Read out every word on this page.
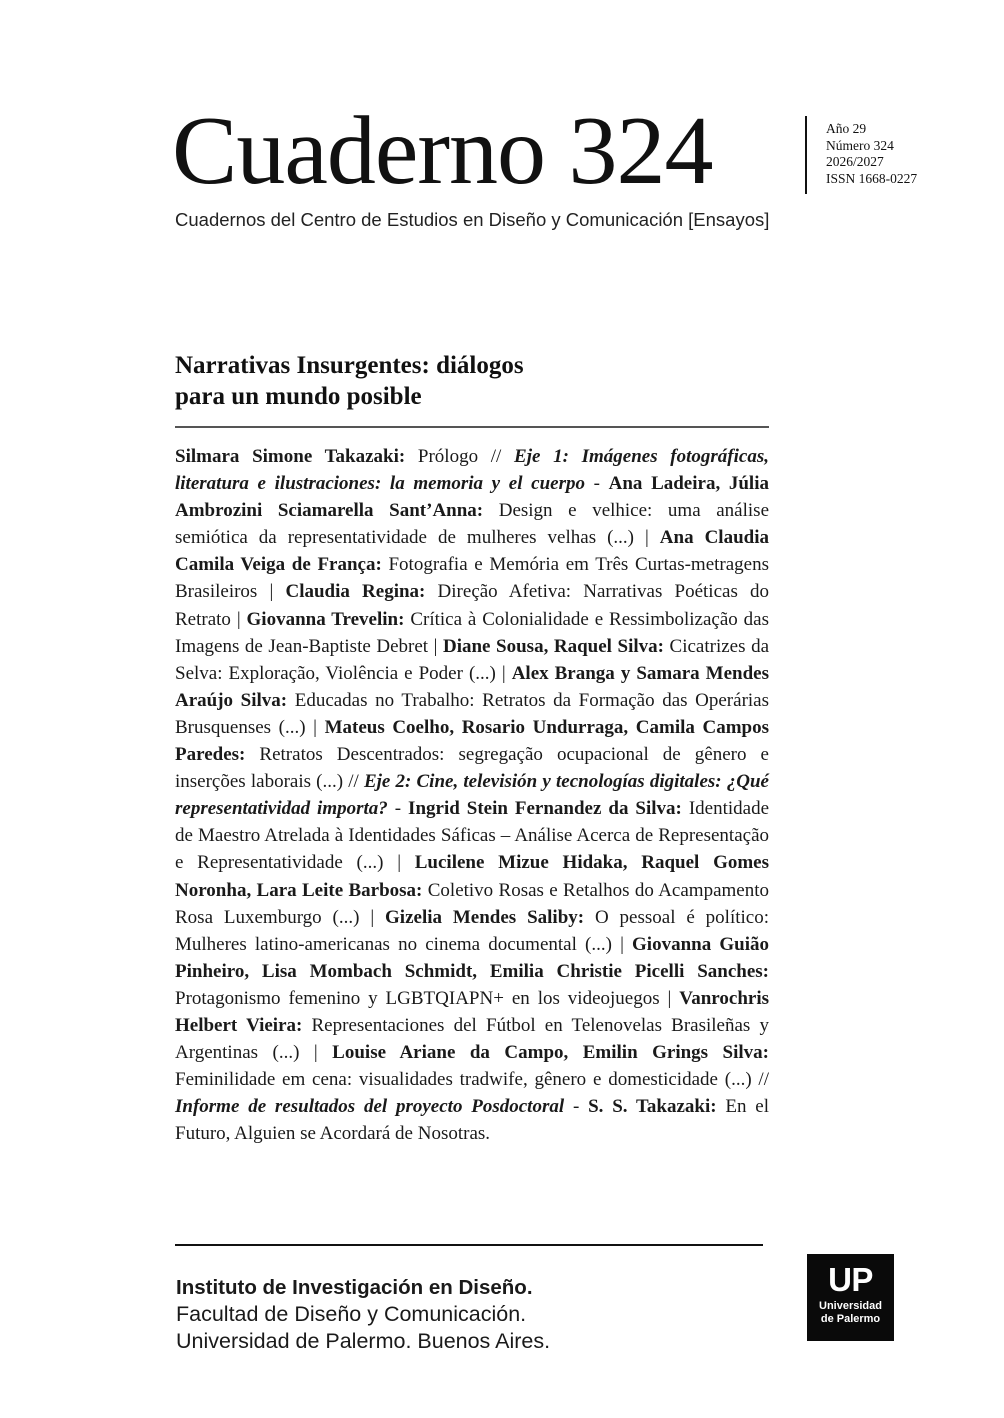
Cuaderno 324
Cuadernos del Centro de Estudios en Diseño y Comunicación [Ensayos]
Año 29
Número 324
2026/2027
ISSN 1668-0227
Narrativas Insurgentes: diálogos
para un mundo posible

Silmara Simone Takazaki: Prólogo // Eje 1: Imágenes fotográficas, literatura e ilustraciones: la memoria y el cuerpo - Ana Ladeira, Júlia Ambrozini Sciamarella Sant’Anna: Design e velhice: uma análise semiótica da representatividade de mulheres velhas (...) | Ana Claudia Camila Veiga de França: Fotografia e Memória em Três Curtas-metragens Brasileiros | Claudia Regina: Direção Afetiva: Narrativas Poéticas do Retrato | Giovanna Trevelin: Crítica à Colonialidade e Ressimbolização das Imagens de Jean-Baptiste Debret | Diane Sousa, Raquel Silva: Cicatrizes da Selva: Exploração, Violência e Poder (...) | Alex Branga y Samara Mendes Araújo Silva: Educadas no Trabalho: Retratos da Formação das Operárias Brusquenses (...) | Mateus Coelho, Rosario Undurraga, Camila Campos Paredes: Retratos Descentrados: segregação ocupacional de gênero e inserções laborais (...) // Eje 2: Cine, televisión y tecnologías digitales: ¿Qué representatividad importa? - Ingrid Stein Fernandez da Silva: Identidade de Maestro Atrelada à Identidades Sáficas – Análise Acerca de Representação e Representatividade (...) | Lucilene Mizue Hidaka, Raquel Gomes Noronha, Lara Leite Barbosa: Coletivo Rosas e Retalhos do Acampamento Rosa Luxemburgo (...) | Gizelia Mendes Saliby: O pessoal é político: Mulheres latino-americanas no cinema documental (...) | Giovanna Guião Pinheiro, Lisa Mombach Schmidt, Emilia Christie Picelli Sanches: Protagonismo femenino y LGBTQIAPN+ en los videojuegos | Vanrochris Helbert Vieira: Representaciones del Fútbol en Telenovelas Brasileñas y Argentinas (...) | Louise Ariane da Campo, Emilin Grings Silva: Feminilidade em cena: visualidades tradwife, gênero e domesticidade (...) // Informe de resultados del proyecto Posdoctoral - S. S. Takazaki: En el Futuro, Alguien se Acordará de Nosotras.

Instituto de Investigación en Diseño.
Facultad de Diseño y Comunicación.
Universidad de Palermo. Buenos Aires.
UP
Universidad
de Palermo
